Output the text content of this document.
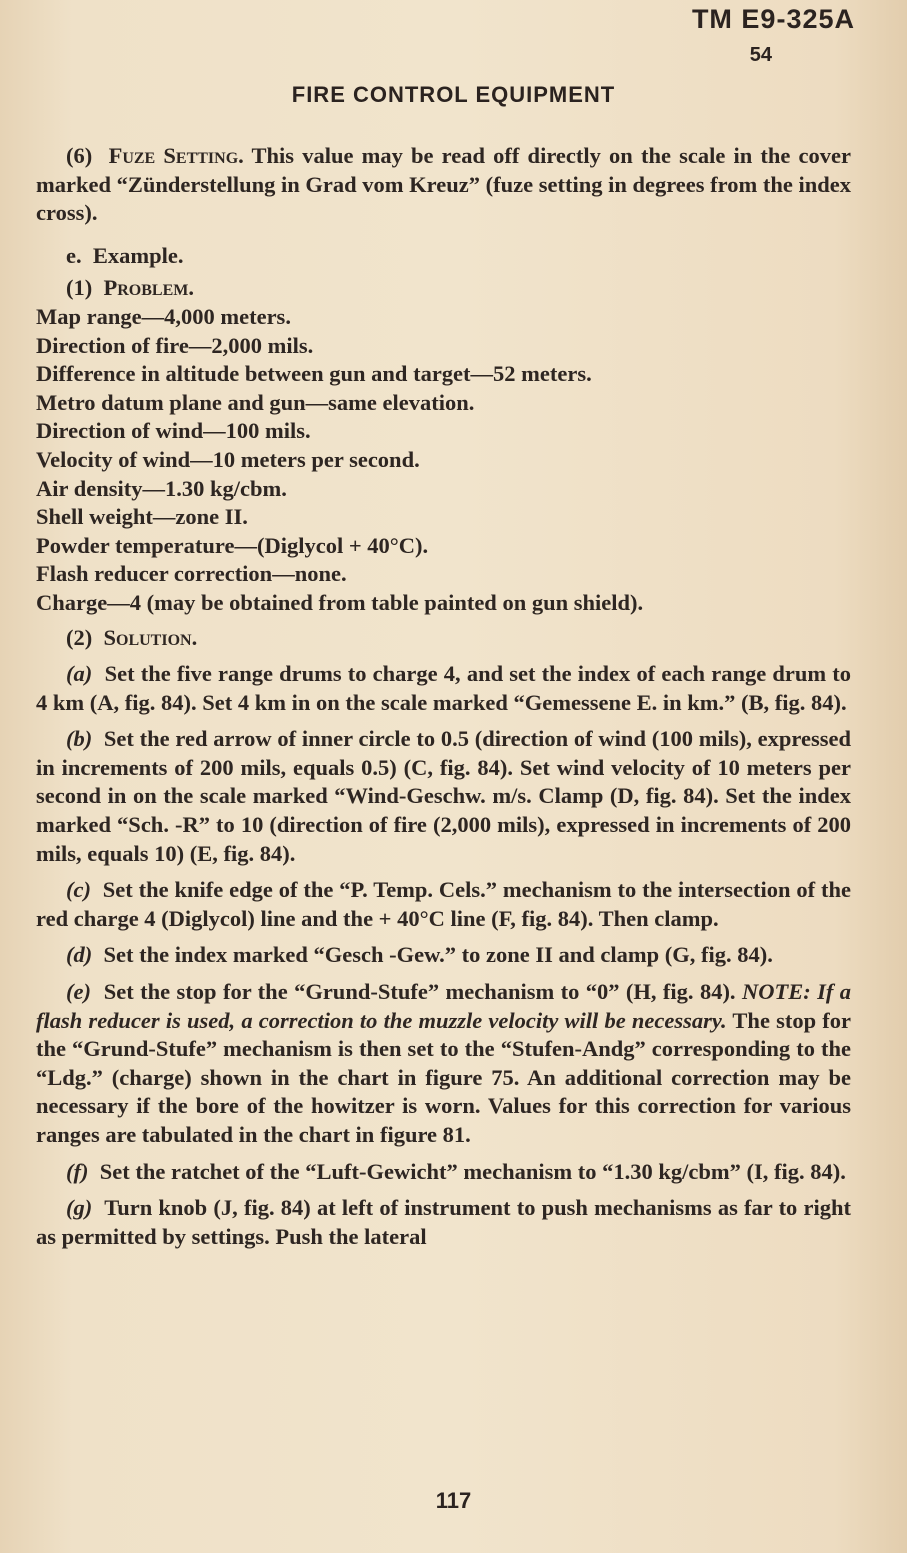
TM E9-325A
54
FIRE CONTROL EQUIPMENT

(6) Fuze Setting. This value may be read off directly on the scale in the cover marked “Zünderstellung in Grad vom Kreuz” (fuze setting in degrees from the index cross).

e. Example.

(1) Problem.

Map range—4,000 meters.

Direction of fire—2,000 mils.

Difference in altitude between gun and target—52 meters.

Metro datum plane and gun—same elevation.

Direction of wind—100 mils.

Velocity of wind—10 meters per second.

Air density—1.30 kg/cbm.

Shell weight—zone II.

Powder temperature—(Diglycol + 40°C).

Flash reducer correction—none.

Charge—4 (may be obtained from table painted on gun shield).

(2) Solution.

(a) Set the five range drums to charge 4, and set the index of each range drum to 4 km (A, fig. 84). Set 4 km in on the scale marked “Gemessene E. in km.” (B, fig. 84).

(b) Set the red arrow of inner circle to 0.5 (direction of wind (100 mils), expressed in increments of 200 mils, equals 0.5) (C, fig. 84). Set wind velocity of 10 meters per second in on the scale marked “Wind-Geschw. m/s. Clamp (D, fig. 84). Set the index marked “Sch. -R” to 10 (direction of fire (2,000 mils), expressed in increments of 200 mils, equals 10) (E, fig. 84).

(c) Set the knife edge of the “P. Temp. Cels.” mechanism to the intersection of the red charge 4 (Diglycol) line and the + 40°C line (F, fig. 84). Then clamp.

(d) Set the index marked “Gesch -Gew.” to zone II and clamp (G, fig. 84).

(e) Set the stop for the “Grund-Stufe” mechanism to “0” (H, fig. 84). NOTE: If a flash reducer is used, a correction to the muzzle velocity will be necessary. The stop for the “Grund-Stufe” mechanism is then set to the “Stufen-Andg” corresponding to the “Ldg.” (charge) shown in the chart in figure 75. An additional correction may be necessary if the bore of the howitzer is worn. Values for this correction for various ranges are tabulated in the chart in figure 81.

(f) Set the ratchet of the “Luft-Gewicht” mechanism to “1.30 kg/cbm” (I, fig. 84).

(g) Turn knob (J, fig. 84) at left of instrument to push mechanisms as far to right as permitted by settings. Push the lateral

117
